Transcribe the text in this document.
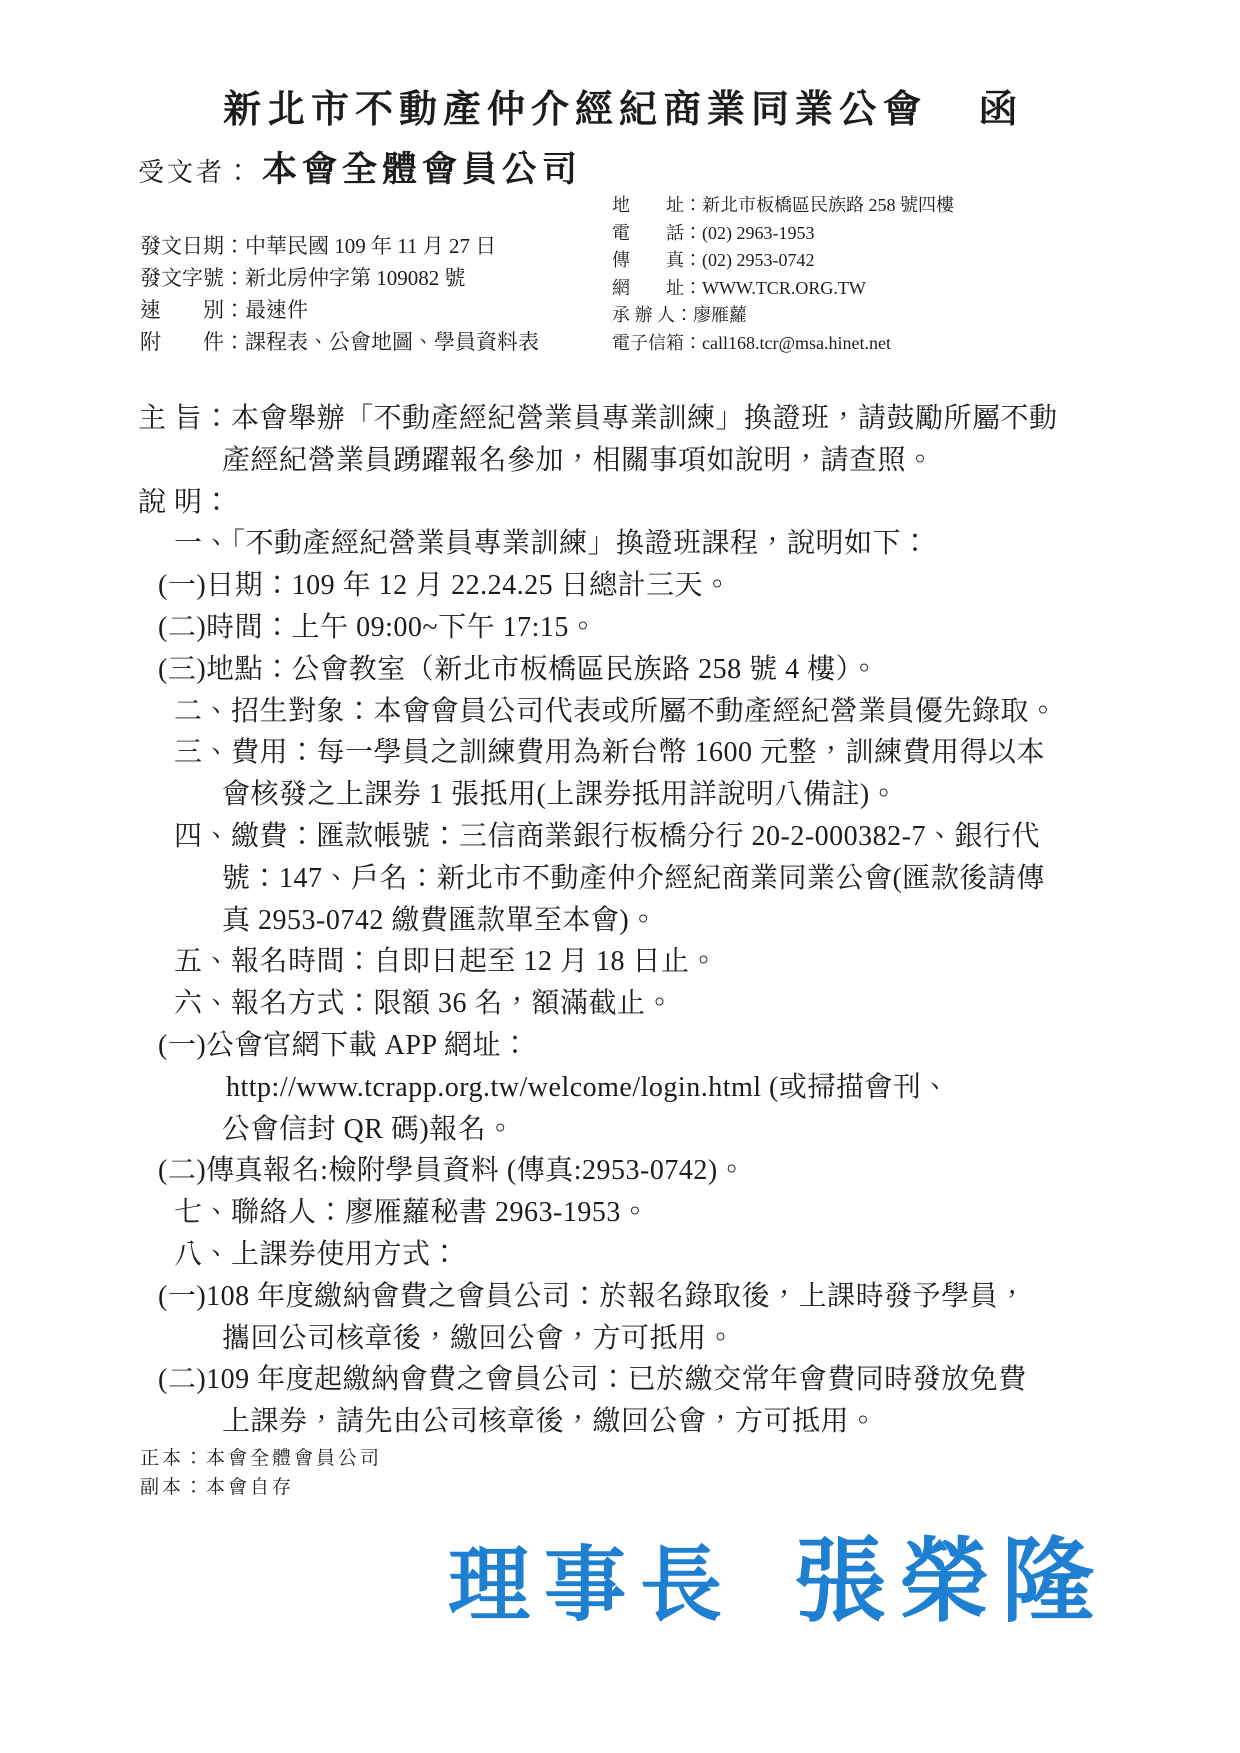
新北市不動產仲介經紀商業同業公會 函
受文者： 本會全體會員公司
發文日期：中華民國 109 年 11 月 27 日
發文字號：新北房仲字第 109082 號
速　　別：最速件
附　　件：課程表、公會地圖、學員資料表
地　　址：新北市板橋區民族路 258 號四樓
電　　話：(02) 2963-1953
傳　　真：(02) 2953-0742
網　　址：WWW.TCR.ORG.TW
承 辦 人：廖雁蘿
電子信箱：call168.tcr@msa.hinet.net
主 旨：本會舉辦「不動產經紀營業員專業訓練」換證班，請鼓勵所屬不動
產經紀營業員踴躍報名參加，相關事項如說明，請查照。
說 明：
一、「不動產經紀營業員專業訓練」換證班課程，說明如下：
(一)日期：109 年 12 月 22.24.25 日總計三天。
(二)時間：上午 09:00~下午 17:15。
(三)地點：公會教室（新北市板橋區民族路 258 號 4 樓）。
二、招生對象：本會會員公司代表或所屬不動產經紀營業員優先錄取。
三、費用：每一學員之訓練費用為新台幣 1600 元整，訓練費用得以本
會核發之上課券 1 張抵用(上課券抵用詳說明八備註)。
四、繳費：匯款帳號：三信商業銀行板橋分行 20-2-000382-7、銀行代
號：147、戶名：新北市不動產仲介經紀商業同業公會(匯款後請傳
真 2953-0742 繳費匯款單至本會)。
五、報名時間：自即日起至 12 月 18 日止。
六、報名方式：限額 36 名，額滿截止。
(一)公會官網下載 APP 網址：
http://www.tcrapp.org.tw/welcome/login.html (或掃描會刊、
公會信封 QR 碼)報名。
(二)傳真報名:檢附學員資料 (傳真:2953-0742)。
七、聯絡人：廖雁蘿秘書 2963-1953。
八、上課券使用方式：
(一)108 年度繳納會費之會員公司：於報名錄取後，上課時發予學員，
攜回公司核章後，繳回公會，方可抵用。
(二)109 年度起繳納會費之會員公司：已於繳交常年會費同時發放免費
上課券，請先由公司核章後，繳回公會，方可抵用。
正本：本會全體會員公司
副本：本會自存
理事長 張榮隆
